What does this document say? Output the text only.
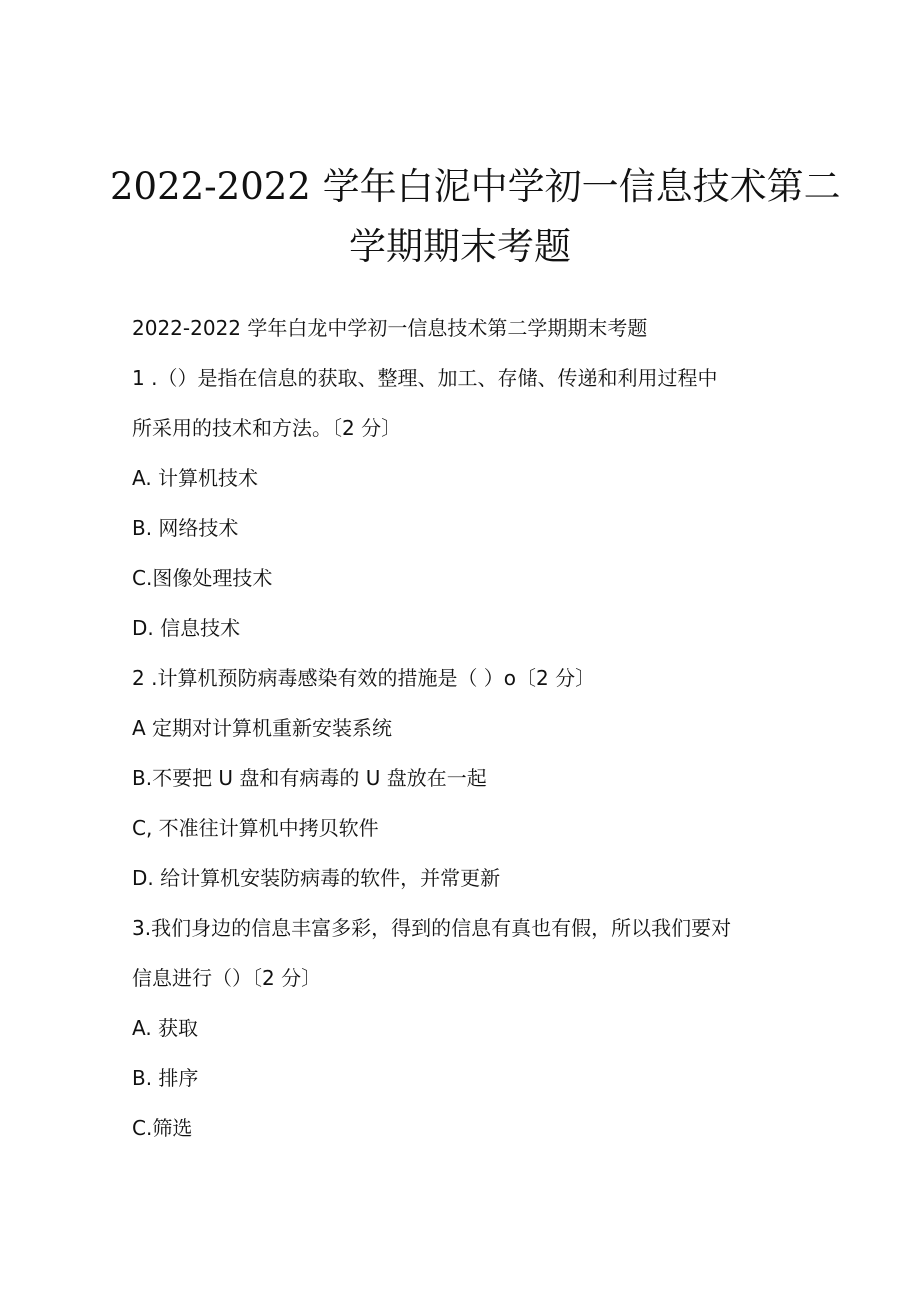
2022-2022 学年白泥中学初一信息技术第二
学期期末考题
2022-2022 学年白龙中学初一信息技术第二学期期末考题
1 .（）是指在信息的获取、整理、加工、存储、传递和利用过程中
所采用的技术和方法。〔2 分〕
A. 计算机技术
B. 网络技术
C.图像处理技术
D. 信息技术
2 .计算机预防病毒感染有效的措施是（ ）o〔2 分〕
A 定期对计算机重新安装系统
B.不要把 U 盘和有病毒的 U 盘放在一起
C, 不准往计算机中拷贝软件
D. 给计算机安装防病毒的软件，并常更新
3.我们身边的信息丰富多彩，得到的信息有真也有假，所以我们要对
信息进行（）〔2 分〕
A. 获取
B. 排序
C.筛选
